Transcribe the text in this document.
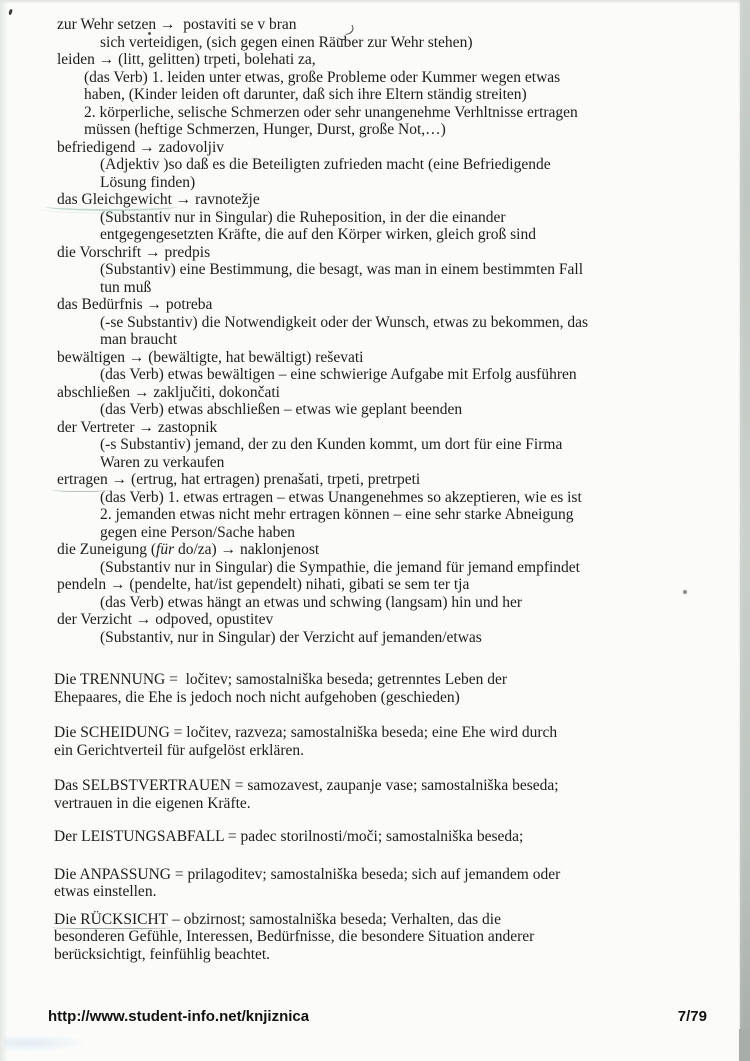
zur Wehr setzen →  postaviti se v bran
sich verteidigen, (sich gegen einen Räuber zur Wehr stehen)
leiden → (litt, gelitten) trpeti, bolehati za,
(das Verb) 1. leiden unter etwas, große Probleme oder Kummer wegen etwas
haben, (Kinder leiden oft darunter, daß sich ihre Eltern ständig streiten)
2. körperliche, selische Schmerzen oder sehr unangenehme Verhltnisse ertragen
müssen (heftige Schmerzen, Hunger, Durst, große Not,…)
befriedigend → zadovoljiv
(Adjektiv )so daß es die Beteiligten zufrieden macht (eine Befriedigende
Lösung finden)
das Gleichgewicht → ravnotežje
(Substantiv nur in Singular) die Ruheposition, in der die einander
entgegengesetzten Kräfte, die auf den Körper wirken, gleich groß sind
die Vorschrift → predpis
(Substantiv) eine Bestimmung, die besagt, was man in einem bestimmten Fall
tun muß
das Bedürfnis → potreba
(-se Substantiv) die Notwendigkeit oder der Wunsch, etwas zu bekommen, das
man braucht
bewältigen → (bewältigte, hat bewältigt) reševati
(das Verb) etwas bewältigen – eine schwierige Aufgabe mit Erfolg ausführen
abschließen → zaključiti, dokončati
(das Verb) etwas abschließen – etwas wie geplant beenden
der Vertreter → zastopnik
(-s Substantiv) jemand, der zu den Kunden kommt, um dort für eine Firma
Waren zu verkaufen
ertragen → (ertrug, hat ertragen) prenašati, trpeti, pretrpeti
(das Verb) 1. etwas ertragen – etwas Unangenehmes so akzeptieren, wie es ist
2. jemanden etwas nicht mehr ertragen können – eine sehr starke Abneigung
gegen eine Person/Sache haben
die Zuneigung (für do/za) → naklonjenost
(Substantiv nur in Singular) die Sympathie, die jemand für jemand empfindet
pendeln → (pendelte, hat/ist gependelt) nihati, gibati se sem ter tja
(das Verb) etwas hängt an etwas und schwing (langsam) hin und her
der Verzicht → odpoved, opustitev
(Substantiv, nur in Singular) der Verzicht auf jemanden/etwas
Die TRENNUNG =  ločitev; samostalniška beseda; getrenntes Leben der
Ehepaares, die Ehe is jedoch noch nicht aufgehoben (geschieden)
Die SCHEIDUNG = ločitev, razveza; samostalniška beseda; eine Ehe wird durch
ein Gerichtverteil für aufgelöst erklären.
Das SELBSTVERTRAUEN = samozavest, zaupanje vase; samostalniška beseda;
vertrauen in die eigenen Kräfte.
Der LEISTUNGSABFALL = padec storilnosti/moči; samostalniška beseda;
Die ANPASSUNG = prilagoditev; samostalniška beseda; sich auf jemandem oder
etwas einstellen.
Die RÜCKSICHT – obzirnost; samostalniška beseda; Verhalten, das die
besonderen Gefühle, Interessen, Bedürfnisse, die besondere Situation anderer
berücksichtigt, feinfühlig beachtet.
http://www.student-info.net/knjiznica	7/79
